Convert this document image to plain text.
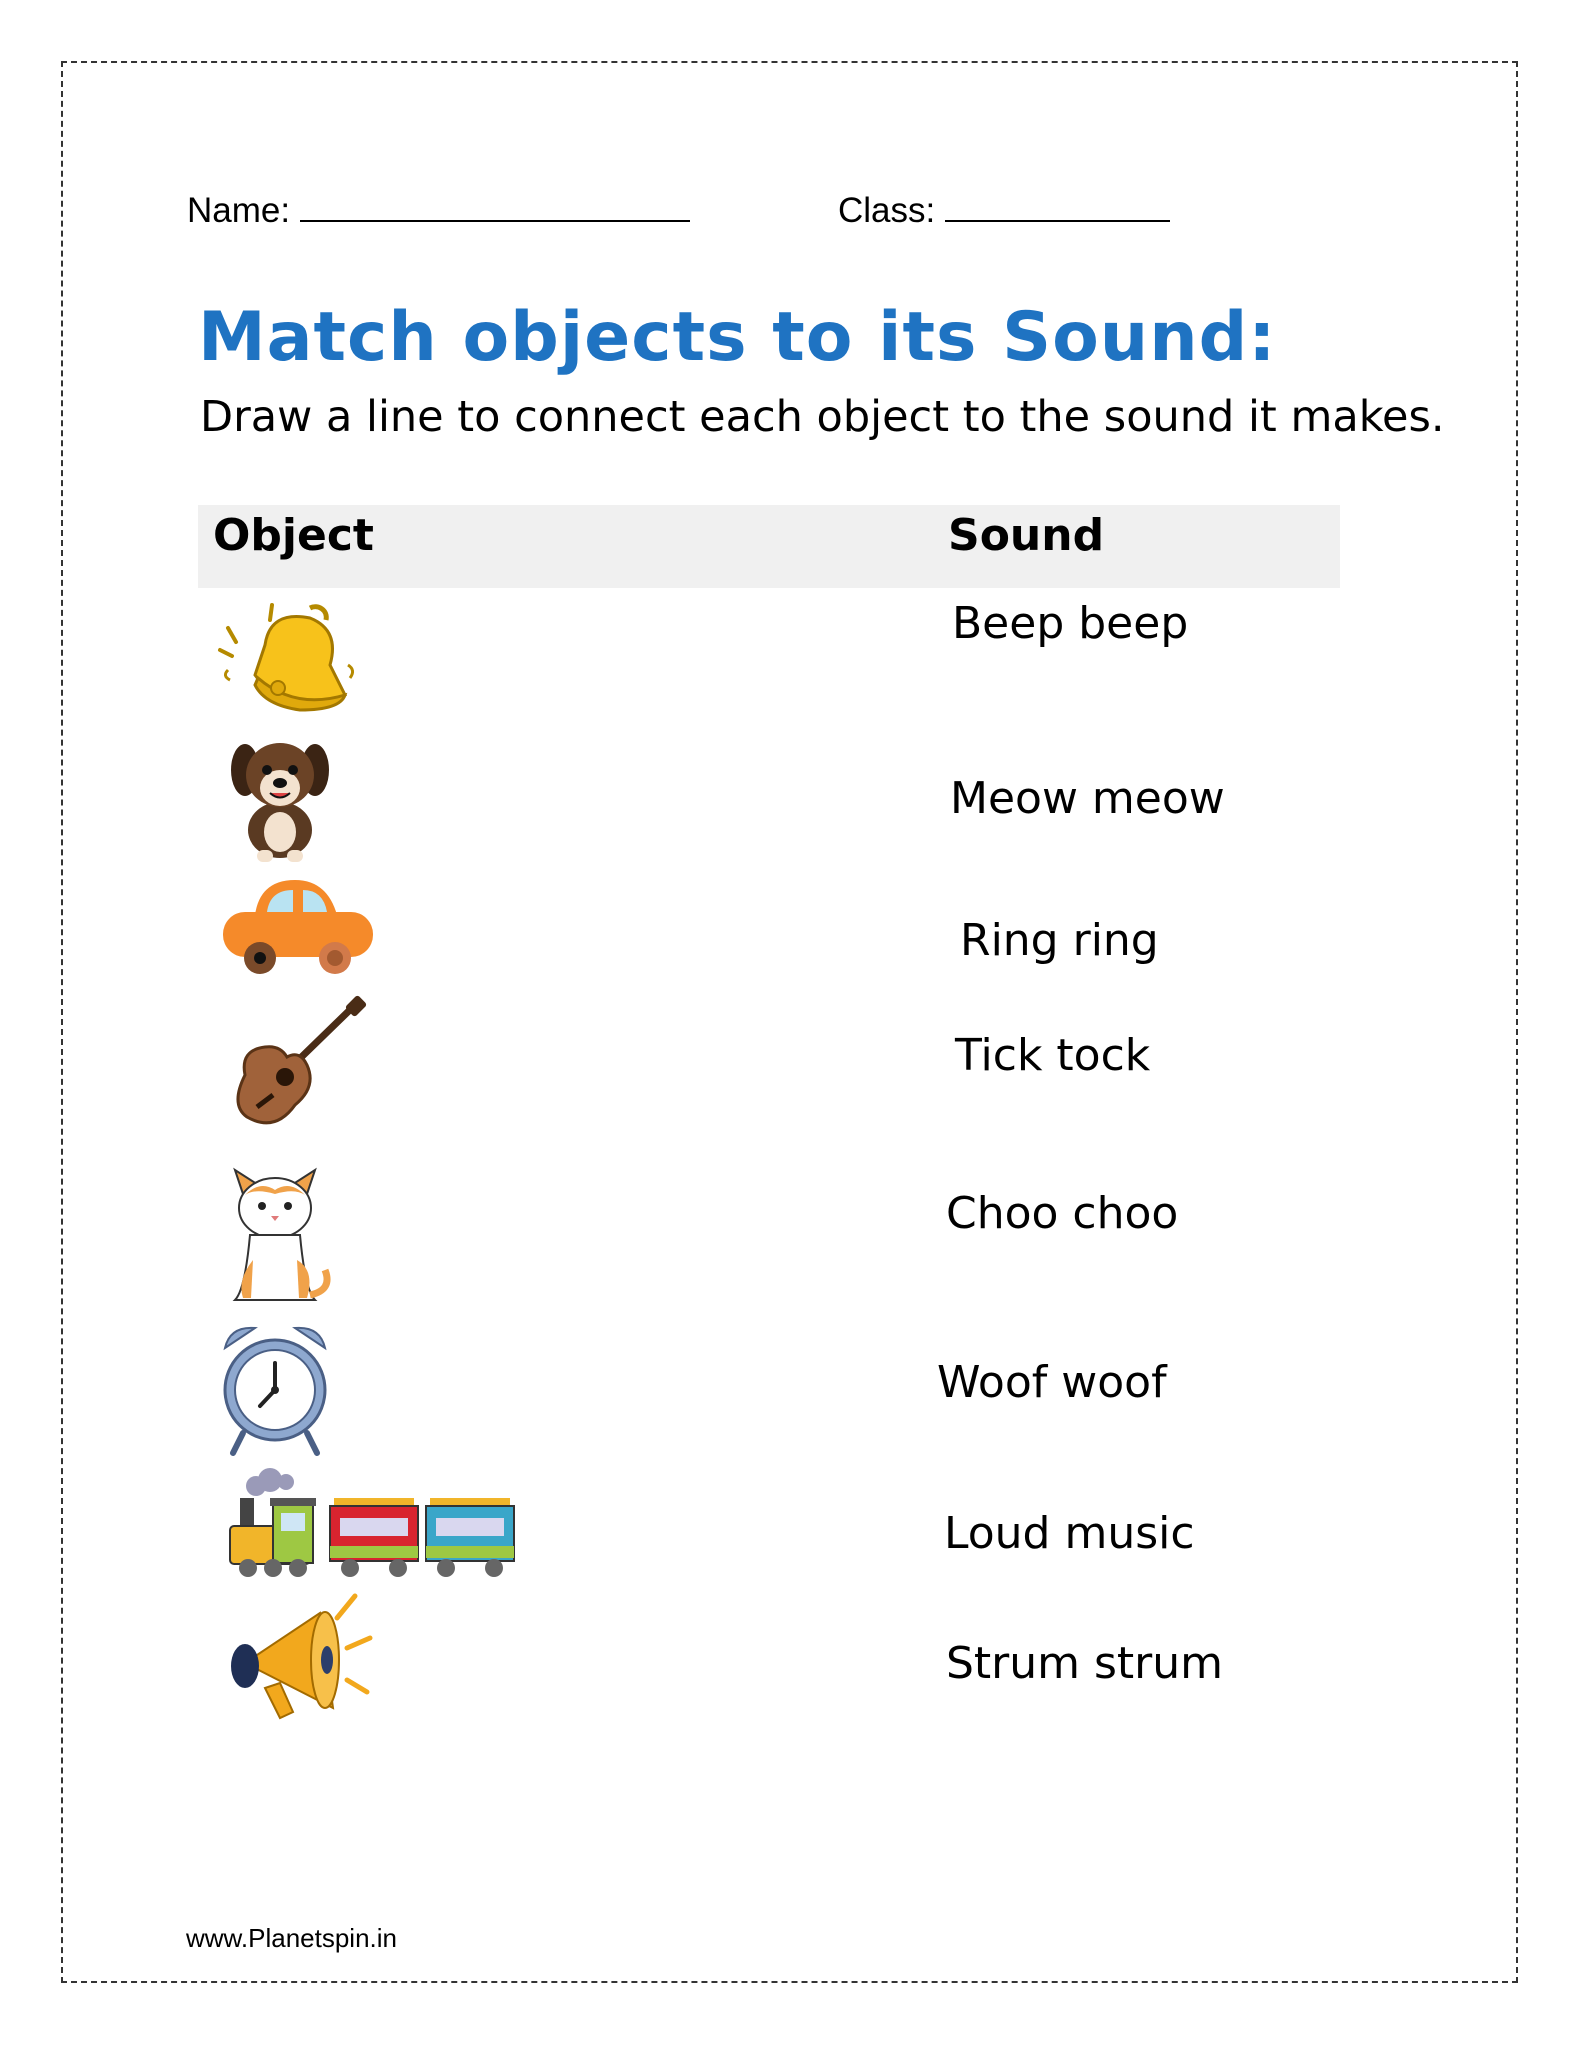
Name:	Class:
Match objects to its Sound:
Draw a line to connect each object to the sound it makes.
Object	Sound
Beep beep
Meow meow
Ring ring
Tick tock
Choo choo
Woof woof
Loud music
Strum strum
www.Planetspin.in
